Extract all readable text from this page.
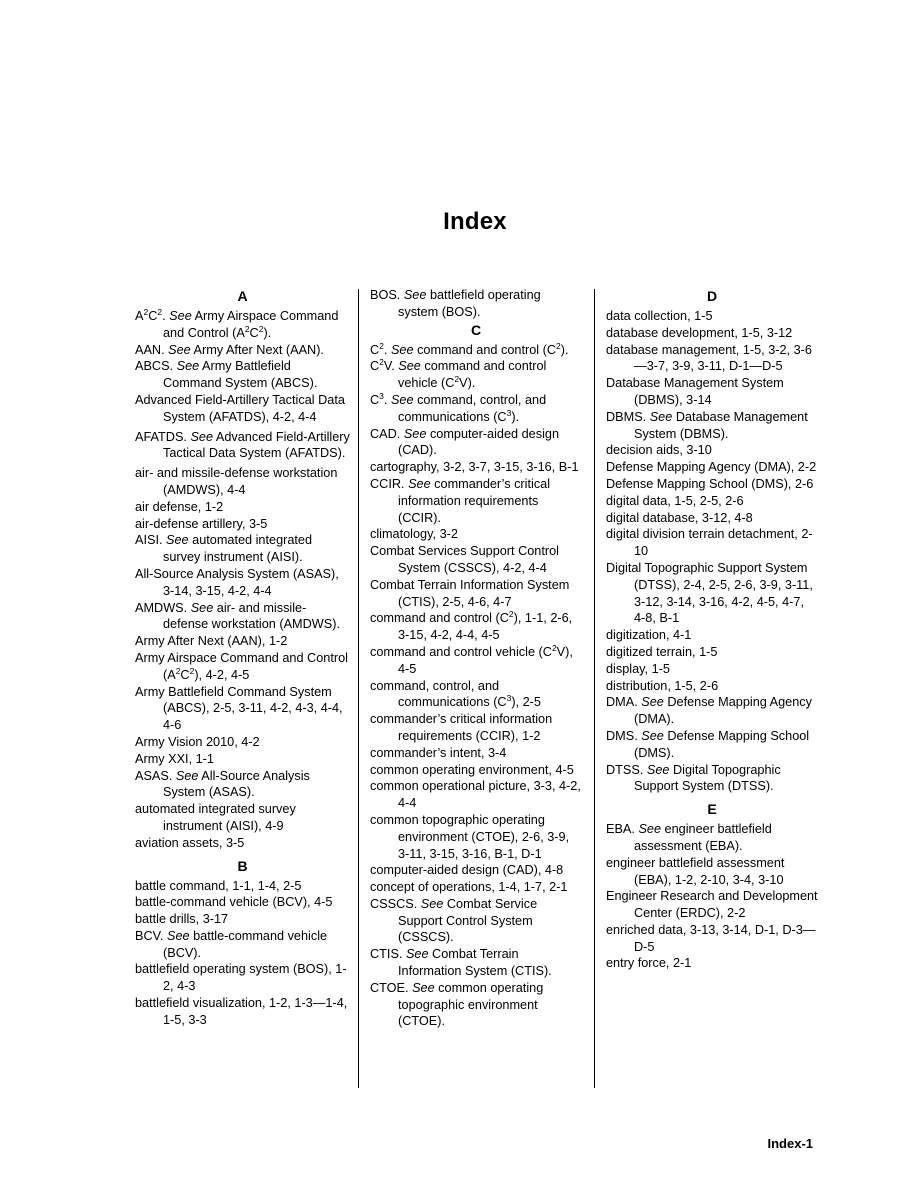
Index
A
$A^2C^2$. See Army Airspace Command and Control $(A^2C^2)$.
AAN. See Army After Next (AAN).
ABCS. See Army Battlefield Command System (ABCS).
Advanced Field-Artillery Tactical Data System (AFATDS), 4-2, 4-4
AFATDS. See Advanced Field-Artillery Tactical Data System (AFATDS).
air- and missile-defense workstation (AMDWS), 4-4
air defense, 1-2
air-defense artillery, 3-5
AISI. See automated integrated survey instrument (AISI).
All-Source Analysis System (ASAS), 3-14, 3-15, 4-2, 4-4
AMDWS. See air- and missile-defense workstation (AMDWS).
Army After Next (AAN), 1-2
Army Airspace Command and Control $(A^2C^2)$, 4-2, 4-5
Army Battlefield Command System (ABCS), 2-5, 3-11, 4-2, 4-3, 4-4, 4-6
Army Vision 2010, 4-2
Army XXI, 1-1
ASAS. See All-Source Analysis System (ASAS).
automated integrated survey instrument (AISI), 4-9
aviation assets, 3-5
B
battle command, 1-1, 1-4, 2-5
battle-command vehicle (BCV), 4-5
battle drills, 3-17
BCV. See battle-command vehicle (BCV).
battlefield operating system (BOS), 1-2, 4-3
battlefield visualization, 1-2, 1-3—1-4, 1-5, 3-3
BOS. See battlefield operating system (BOS).
C
$C^2$. See command and control $(C^2)$.
$C^2V$. See command and control vehicle $(C^2V)$.
$C^3$. See command, control, and communications $(C^3)$.
CAD. See computer-aided design (CAD).
cartography, 3-2, 3-7, 3-15, 3-16, B-1
CCIR. See commander’s critical information requirements (CCIR).
climatology, 3-2
Combat Services Support Control System (CSSCS), 4-2, 4-4
Combat Terrain Information System (CTIS), 2-5, 4-6, 4-7
command and control $(C^2)$, 1-1, 2-6, 3-15, 4-2, 4-4, 4-5
command and control vehicle $(C^2V)$, 4-5
command, control, and communications $(C^3)$, 2-5
commander’s critical information requirements (CCIR), 1-2
commander’s intent, 3-4
common operating environment, 4-5
common operational picture, 3-3, 4-2, 4-4
common topographic operating environment (CTOE), 2-6, 3-9, 3-11, 3-15, 3-16, B-1, D-1
computer-aided design (CAD), 4-8
concept of operations, 1-4, 1-7, 2-1
CSSCS. See Combat Service Support Control System (CSSCS).
CTIS. See Combat Terrain Information System (CTIS).
CTOE. See common operating topographic environment (CTOE).
D
data collection, 1-5
database development, 1-5, 3-12
database management, 1-5, 3-2, 3-6—3-7, 3-9, 3-11, D-1—D-5
Database Management System (DBMS), 3-14
DBMS. See Database Management System (DBMS).
decision aids, 3-10
Defense Mapping Agency (DMA), 2-2
Defense Mapping School (DMS), 2-6
digital data, 1-5, 2-5, 2-6
digital database, 3-12, 4-8
digital division terrain detachment, 2-10
Digital Topographic Support System (DTSS), 2-4, 2-5, 2-6, 3-9, 3-11, 3-12, 3-14, 3-16, 4-2, 4-5, 4-7, 4-8, B-1
digitization, 4-1
digitized terrain, 1-5
display, 1-5
distribution, 1-5, 2-6
DMA. See Defense Mapping Agency (DMA).
DMS. See Defense Mapping School (DMS).
DTSS. See Digital Topographic Support System (DTSS).
E
EBA. See engineer battlefield assessment (EBA).
engineer battlefield assessment (EBA), 1-2, 2-10, 3-4, 3-10
Engineer Research and Development Center (ERDC), 2-2
enriched data, 3-13, 3-14, D-1, D-3—D-5
entry force, 2-1
Index-1
